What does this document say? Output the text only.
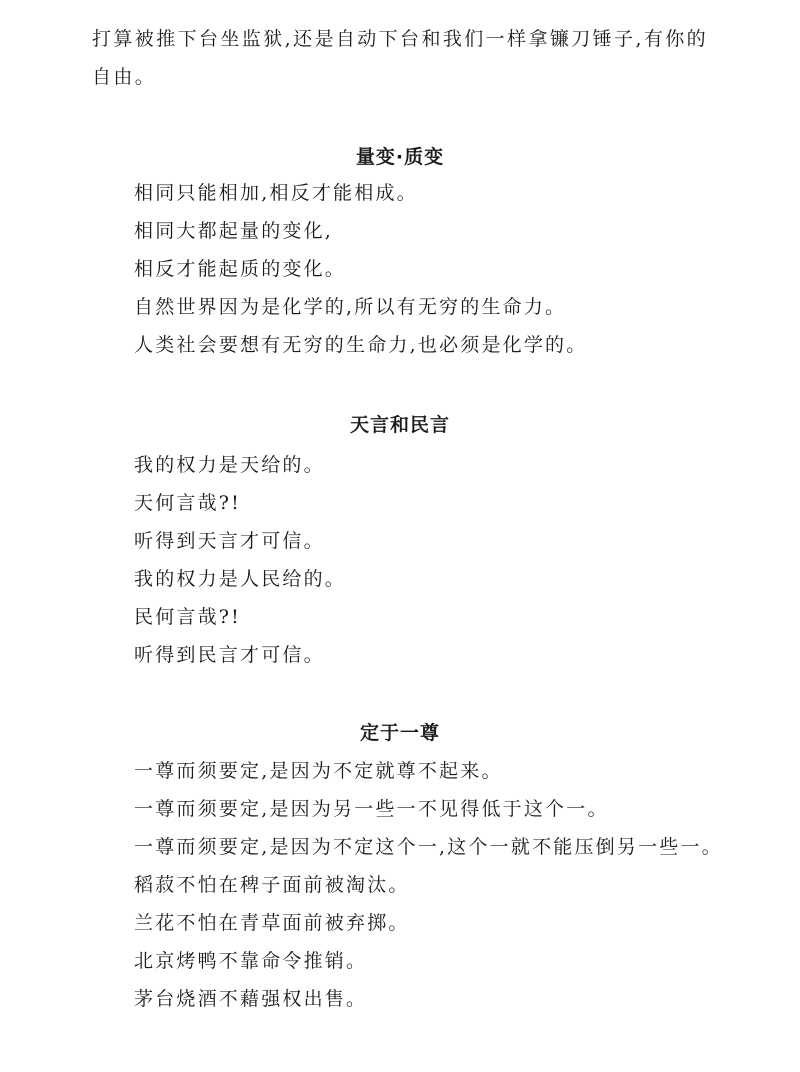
打算被推下台坐监狱,还是自动下台和我们一样拿镰刀锤子,有你的
自由。
量变·质变
相同只能相加,相反才能相成。
相同大都起量的变化,
相反才能起质的变化。
自然世界因为是化学的,所以有无穷的生命力。
人类社会要想有无穷的生命力,也必须是化学的。
天言和民言
我的权力是天给的。
天何言哉?!
听得到天言才可信。
我的权力是人民给的。
民何言哉?!
听得到民言才可信。
定于一尊
一尊而须要定,是因为不定就尊不起来。
一尊而须要定,是因为另一些一不见得低于这个一。
一尊而须要定,是因为不定这个一,这个一就不能压倒另一些一。
稻菽不怕在稗子面前被淘汰。
兰花不怕在青草面前被弃掷。
北京烤鸭不靠命令推销。
茅台烧酒不藉强权出售。
